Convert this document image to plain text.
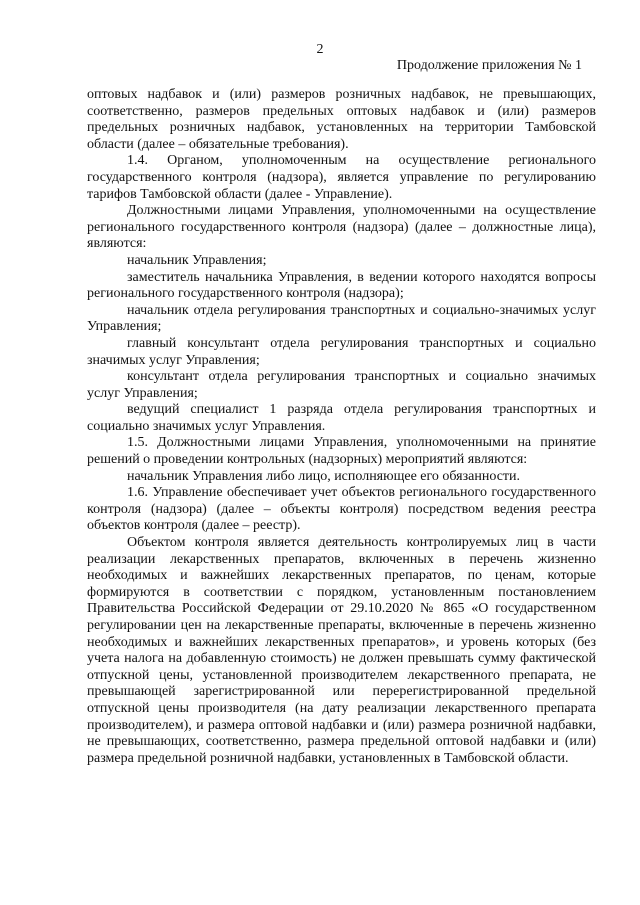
2
Продолжение приложения № 1

оптовых надбавок и (или) размеров розничных надбавок, не превышающих, соответственно, размеров предельных оптовых надбавок и (или) размеров предельных розничных надбавок, установленных на территории Тамбовской области (далее – обязательные требования).

1.4. Органом, уполномоченным на осуществление регионального государственного контроля (надзора), является управление по регулированию тарифов Тамбовской области (далее - Управление).

Должностными лицами Управления, уполномоченными на осуществление регионального государственного контроля (надзора) (далее – должностные лица), являются:

начальник Управления;

заместитель начальника Управления, в ведении которого находятся вопросы регионального государственного контроля (надзора);

начальник отдела регулирования транспортных и социально-значимых услуг Управления;

главный консультант отдела регулирования транспортных и социально значимых услуг Управления;

консультант отдела регулирования транспортных и социально значимых услуг Управления;

ведущий специалист 1 разряда отдела регулирования транспортных и социально значимых услуг Управления.

1.5. Должностными лицами Управления, уполномоченными на принятие решений о проведении контрольных (надзорных) мероприятий являются:

начальник Управления либо лицо, исполняющее его обязанности.

1.6. Управление обеспечивает учет объектов регионального государственного контроля (надзора) (далее – объекты контроля) посредством ведения реестра объектов контроля (далее – реестр).

Объектом контроля является деятельность контролируемых лиц в части реализации лекарственных препаратов, включенных в перечень жизненно необходимых и важнейших лекарственных препаратов, по ценам, которые формируются в соответствии с порядком, установленным постановлением Правительства Российской Федерации от 29.10.2020 № 865 «О государственном регулировании цен на лекарственные препараты, включенные в перечень жизненно необходимых и важнейших лекарственных препаратов», и уровень которых (без учета налога на добавленную стоимость) не должен превышать сумму фактической отпускной цены, установленной производителем лекарственного препарата, не превышающей зарегистрированной или перерегистрированной предельной отпускной цены производителя (на дату реализации лекарственного препарата производителем), и размера оптовой надбавки и (или) размера розничной надбавки, не превышающих, соответственно, размера предельной оптовой надбавки и (или) размера предельной розничной надбавки, установленных в Тамбовской области.
